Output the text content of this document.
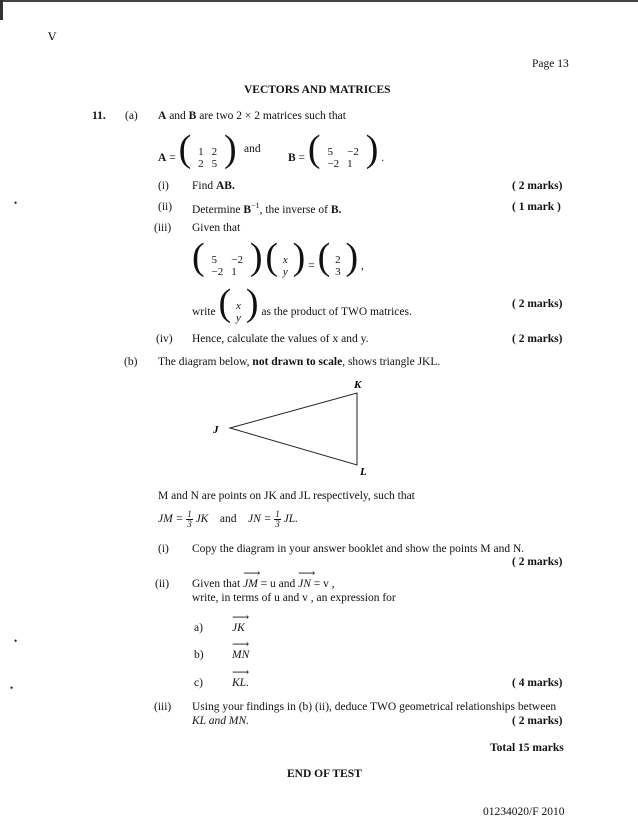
ⱽ
Page 13
VECTORS AND MATRICES
11. (a) A and B are two 2 × 2 matrices such that
A = ( 1	2
2	5 ) and
B = ( 5	−2
−2	1 ) .
(i) Find AB.	( 2 marks)
(ii) Determine $B^{-1}$, the inverse of B.	( 1 mark )
(iii) Given that
( 5	−2
−2	1 ) ( x
y ) = ( 2
3 ) ,
write ( x
y ) as the product of TWO matrices.
( 2 marks)
(iv) Hence, calculate the values of x and y.	( 2 marks)
(b) The diagram below, not drawn to scale, shows triangle JKL.
K
J
L
M and N are points on JK and JL respectively, such that
JM = $\frac{1}{3}$ JK and JN = $\frac{1}{3}$ JL.
(i) Copy the diagram in your answer booklet and show the points M and N.
( 2 marks)
(ii) Given that
⟶
JM = u and
⟶
JN = v ,
write, in terms of u and v , an expression for
a)
⟶
JK
b)
⟶
MN
c)
⟶
KL.	( 4 marks)
(iii) Using your findings in (b) (ii), deduce TWO geometrical relationships between
KL and MN.	( 2 marks)
Total 15 marks
END OF TEST
01234020/F 2010
•
•
•
